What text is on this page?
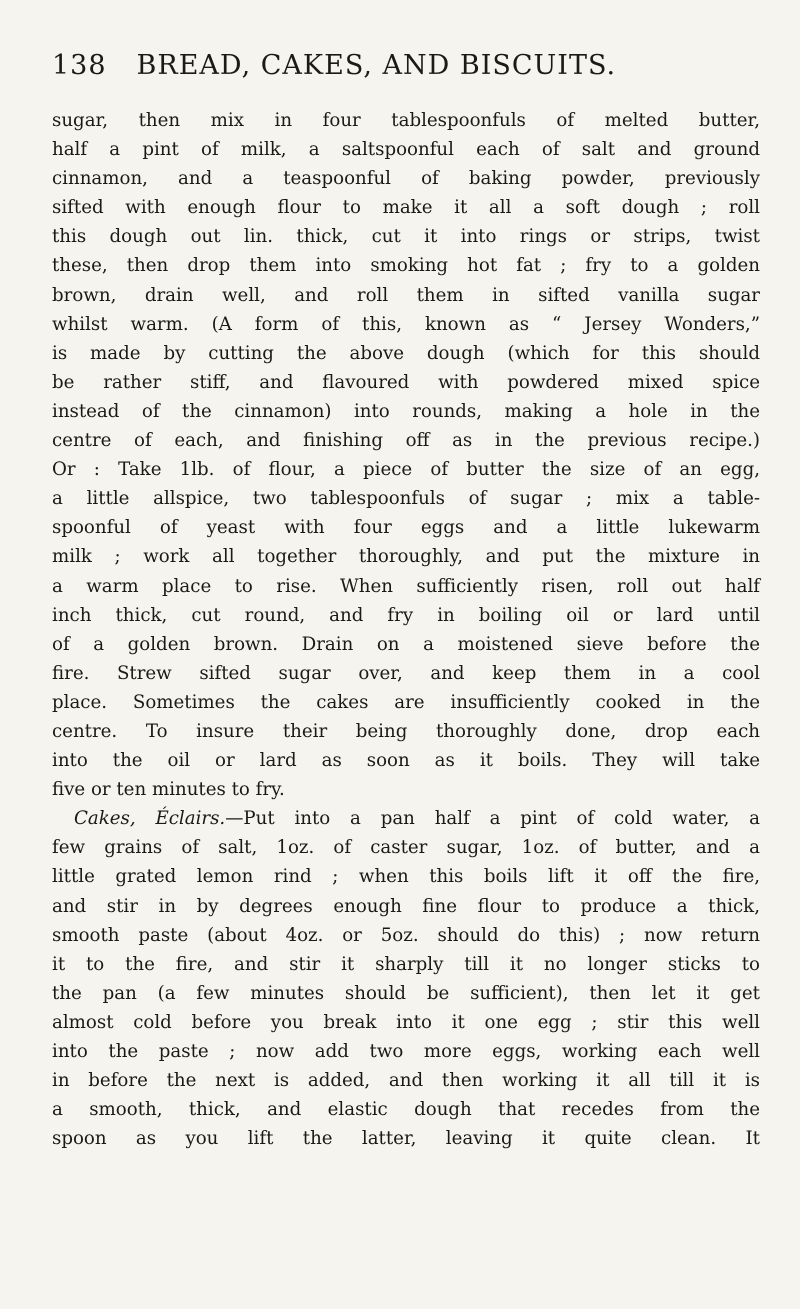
138 BREAD, CAKES, AND BISCUITS.
sugar, then mix in four tablespoonfuls of melted butter,
half a pint of milk, a saltspoonful each of salt and ground
cinnamon, and a teaspoonful of baking powder, previously
sifted with enough flour to make it all a soft dough ; roll
this dough out lin. thick, cut it into rings or strips, twist
these, then drop them into smoking hot fat ; fry to a golden
brown, drain well, and roll them in sifted vanilla sugar
whilst warm. (A form of this, known as “ Jersey Wonders,”
is made by cutting the above dough (which for this should
be rather stiff, and flavoured with powdered mixed spice
instead of the cinnamon) into rounds, making a hole in the
centre of each, and finishing off as in the previous recipe.)
Or : Take 1lb. of flour, a piece of butter the size of an egg,
a little allspice, two tablespoonfuls of sugar ; mix a table-
spoonful of yeast with four eggs and a little lukewarm
milk ; work all together thoroughly, and put the mixture in
a warm place to rise. When sufficiently risen, roll out half
inch thick, cut round, and fry in boiling oil or lard until
of a golden brown. Drain on a moistened sieve before the
fire. Strew sifted sugar over, and keep them in a cool
place. Sometimes the cakes are insufficiently cooked in the
centre. To insure their being thoroughly done, drop each
into the oil or lard as soon as it boils. They will take
five or ten minutes to fry.
Cakes, Éclairs.—Put into a pan half a pint of cold water, a
few grains of salt, 1oz. of caster sugar, 1oz. of butter, and a
little grated lemon rind ; when this boils lift it off the fire,
and stir in by degrees enough fine flour to produce a thick,
smooth paste (about 4oz. or 5oz. should do this) ; now return
it to the fire, and stir it sharply till it no longer sticks to
the pan (a few minutes should be sufficient), then let it get
almost cold before you break into it one egg ; stir this well
into the paste ; now add two more eggs, working each well
in before the next is added, and then working it all till it is
a smooth, thick, and elastic dough that recedes from the
spoon as you lift the latter, leaving it quite clean. It
